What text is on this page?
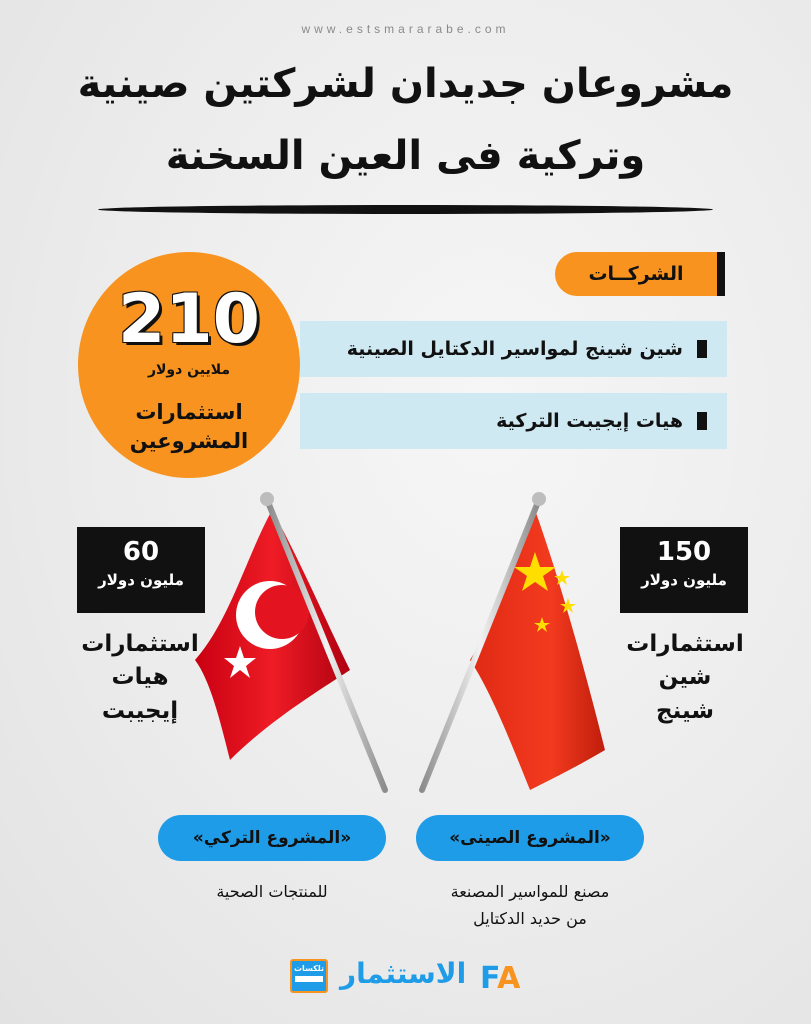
www.estsmararabe.com
مشروعان جديدان لشركتين صينية
وتركية فى العين السخنة
الشركــات
شين شينج لمواسير الدكتايل الصينية
هيات إيجيبت التركية
210
ملايين دولار
استثمارات
المشروعين
60
مليون دولار
150
مليون دولار
استثمارات
هيات
إيجيبت
استثمارات
شين
شينج
«المشروع التركي»	«المشروع الصينى»
للمنتجات الصحية	مصنع للمواسير المصنعة
من حديد الدكتايل
FA
الاستثمار
تلكسات
